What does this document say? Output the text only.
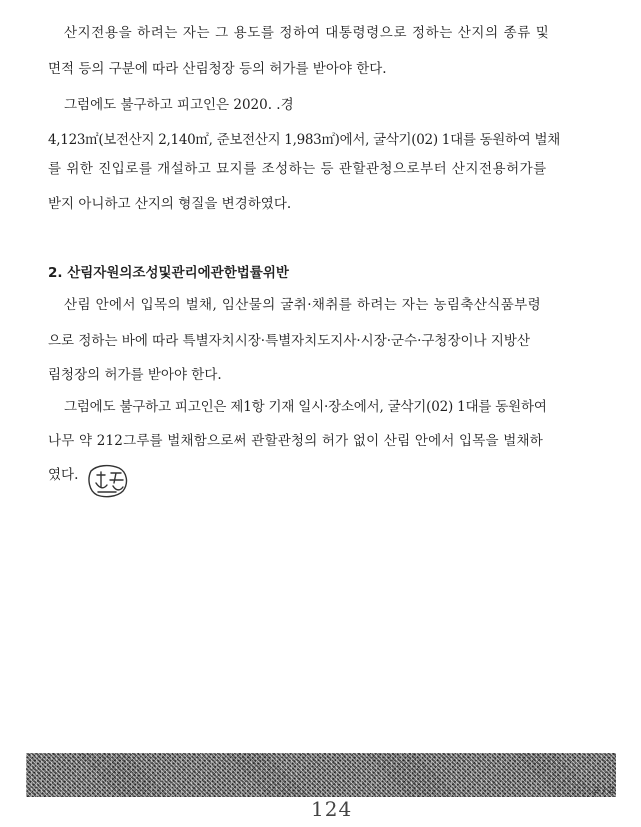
산지전용을 하려는 자는 그 용도를 정하여 대통령령으로 정하는 산지의 종류 및
면적 등의 구분에 따라 산림청장 등의 허가를 받아야 한다.
그럼에도 불구하고 피고인은 2020. .경
4,123㎡(보전산지 2,140㎡, 준보전산지 1,983㎡)에서, 굴삭기(02) 1대를 동원하여 벌채
를 위한 진입로를 개설하고 묘지를 조성하는 등 관할관청으로부터 산지전용허가를
받지 아니하고 산지의 형질을 변경하였다.
2. 산림자원의조성및관리에관한법률위반
산림 안에서 입목의 벌채, 임산물의 굴취·채취를 하려는 자는 농림축산식품부령
으로 정하는 바에 따라 특별자치시장·특별자치도지사·시장·군수·구청장이나 지방산
림청장의 허가를 받아야 한다.
그럼에도 불구하고 피고인은 제1항 기재 일시·장소에서, 굴삭기(02) 1대를 동원하여
나무 약 212그루를 벌채함으로써 관할관청의 허가 없이 산림 안에서 입목을 벌채하
였다.
124
2 / 2
